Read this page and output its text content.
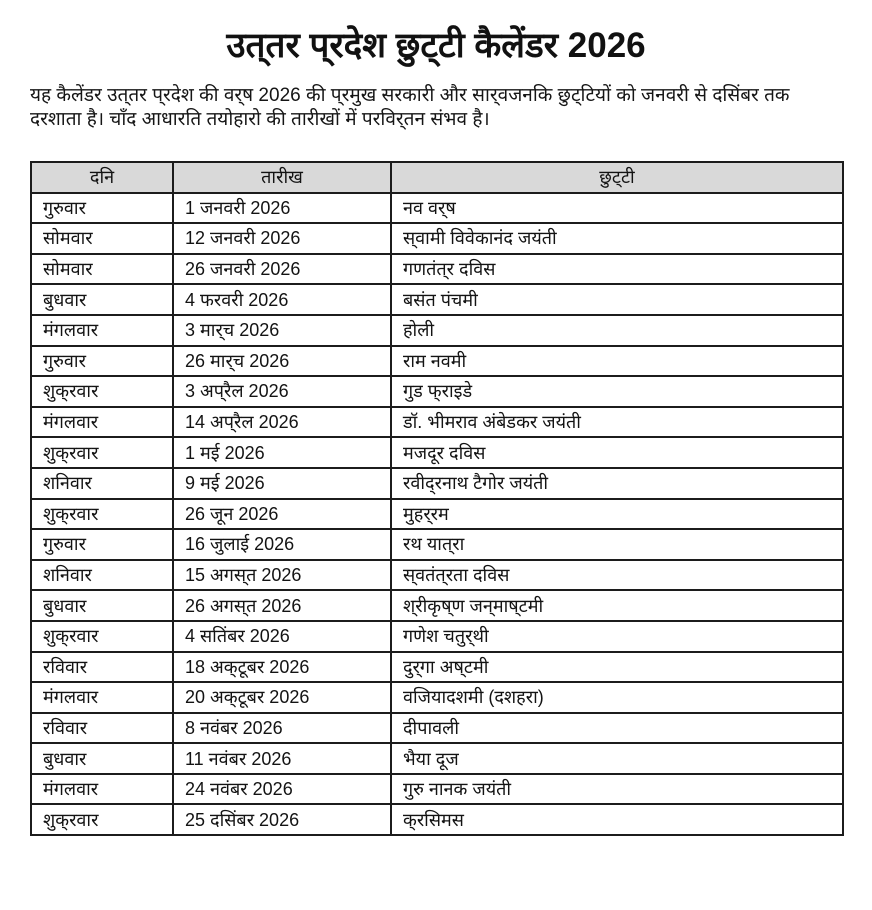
उत्‌तर प्‌रदेश छुट्‌टी कैलेंडर 2026
यह कैलेंडर उत्‌तर प्‌रदेश की वर्‌ष 2026 की प्‌रमुख सरकारी और सार्‌वजनकि छुट्‌टियों को जनवरी से दसिंबर तक
दरशाता है। चाँद आधारति तयोहारो की तारीखों में परविर्‌तन संभव है।
दनि	तारीख	छुट्‌टी
गुरुवार	1 जनवरी 2026	नव वर्‌ष
सोमवार	12 जनवरी 2026	स्‌वामी विवेकानंद जयंती
सोमवार	26 जनवरी 2026	गणतंत्‌र दविस
बुधवार	4 फरवरी 2026	बसंत पंचमी
मंगलवार	3 मार्‌च 2026	होली
गुरुवार	26 मार्‌च 2026	राम नवमी
शुक्‌रवार	3 अप्‌रैल 2026	गुड फ्‌राइडे
मंगलवार	14 अप्‌रैल 2026	डॉ. भीमराव अंबेडकर जयंती
शुक्‌रवार	1 मई 2026	मजदूर दविस
शनिवार	9 मई 2026	रवीद्‌रनाथ टैगोर जयंती
शुक्‌रवार	26 जून 2026	मुहर्‌रम
गुरुवार	16 जुलाई 2026	रथ यात्‌रा
शनिवार	15 अगस्‌त 2026	स्‌वतंत्‌रता दविस
बुधवार	26 अगस्‌त 2026	श्‌रीकृष्‌ण जन्‌माष्‌टमी
शुक्‌रवार	4 सतिंबर 2026	गणेश चतुर्‌थी
रविवार	18 अक्‌टूबर 2026	दुर्‌गा अष्‌टमी
मंगलवार	20 अक्‌टूबर 2026	वजियादशमी (दशहरा)
रविवार	8 नवंबर 2026	दीपावली
बुधवार	11 नवंबर 2026	भैया दूज
मंगलवार	24 नवंबर 2026	गुरु नानक जयंती
शुक्‌रवार	25 दसिंबर 2026	क्‌रसिमस
